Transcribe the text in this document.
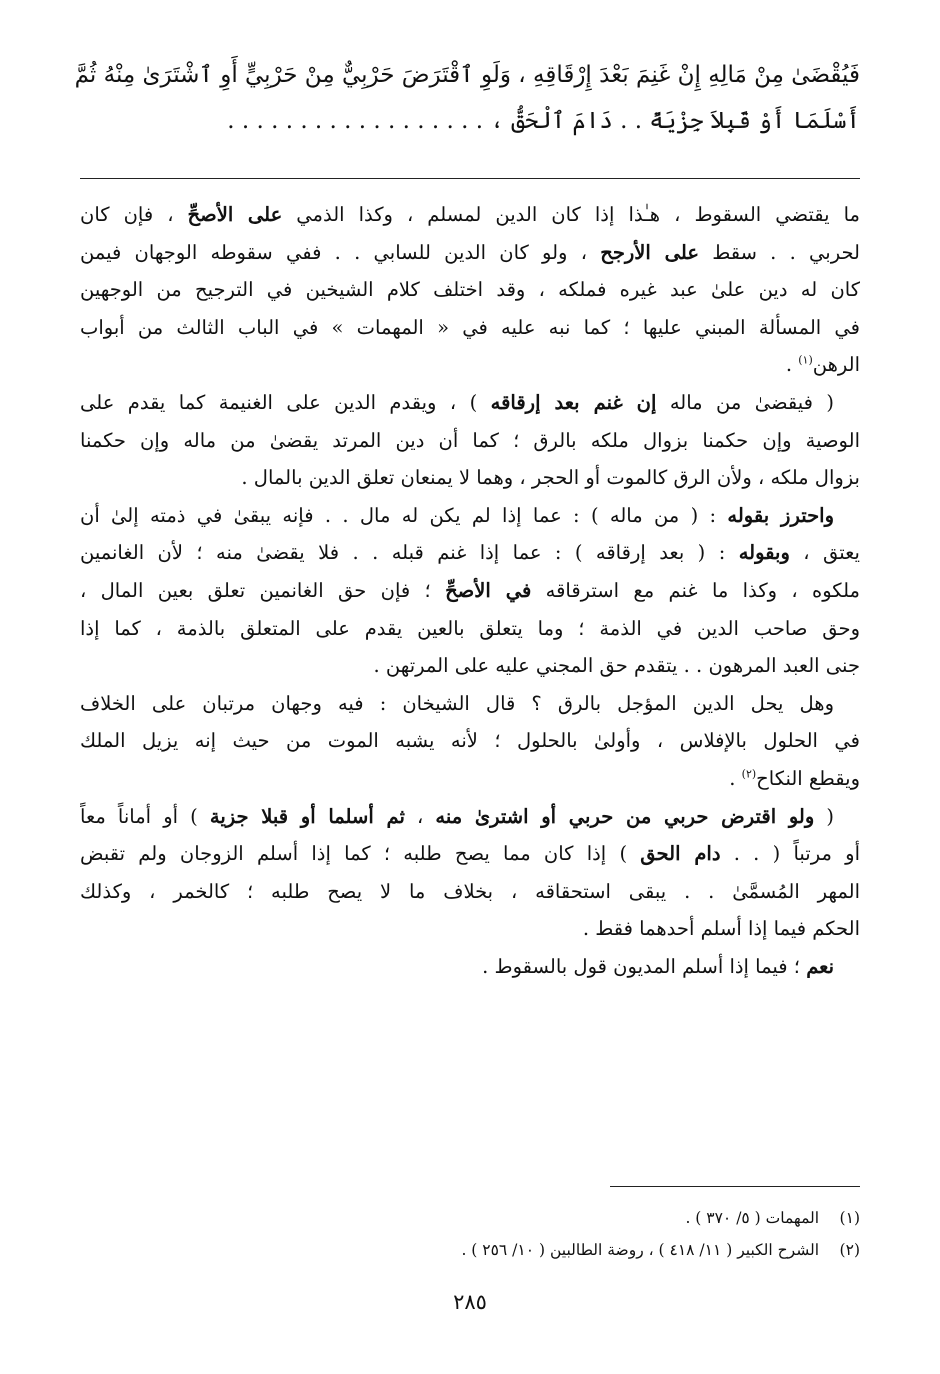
فَيُقْضَىٰ مِنْ مَالِهِ إِنْ غَنِمَ بَعْدَ إِرْقَاقِهِ ، وَلَوِ ٱقْتَرَضَ حَرْبِيٌّ مِنْ حَرْبِيٍّ أَوِ ٱشْتَرَىٰ مِنْهُ ثُمَّ
أَسْلَمَا أَوْ قَبِلاَ جِزْيَةً . . دَامَ ٱلْحَقُّ ، . . . . . . . . . . . . . . . . . .
ما يقتضي السقوط ، هـٰذا إذا كان الدين لمسلم ، وكذا الذمي على الأصحِّ ، فإن كان
لحربي . . سقط على الأرجح ، ولو كان الدين للسابي . . ففي سقوطه الوجهان فيمن
كان له دين علىٰ عبد غيره فملكه ، وقد اختلف كلام الشيخين في الترجيح من الوجهين
في المسألة المبني عليها ؛ كما نبه عليه في « المهمات » في الباب الثالث من أبواب
الرهن$^{(١)}$ .
( فيقضىٰ من ماله إن غنم بعد إرقاقه ) ، ويقدم الدين على الغنيمة كما يقدم على
الوصية وإن حكمنا بزوال ملكه بالرق ؛ كما أن دين المرتد يقضىٰ من ماله وإن حكمنا
بزوال ملكه ، ولأن الرق كالموت أو الحجر ، وهما لا يمنعان تعلق الدين بالمال .
واحترز بقوله : ( من ماله ) : عما إذا لم يكن له مال . . فإنه يبقىٰ في ذمته إلىٰ أن
يعتق ، وبقوله : ( بعد إرقاقه ) : عما إذا غنم قبله . . فلا يقضىٰ منه ؛ لأن الغانمين
ملكوه ، وكذا ما غنم مع استرقاقه في الأصحِّ ؛ فإن حق الغانمين تعلق بعين المال ،
وحق صاحب الدين في الذمة ؛ وما يتعلق بالعين يقدم على المتعلق بالذمة ، كما إذا
جنى العبد المرهون . . يتقدم حق المجني عليه على المرتهن .
وهل يحل الدين المؤجل بالرق ؟ قال الشيخان : فيه وجهان مرتبان على الخلاف
في الحلول بالإفلاس ، وأولىٰ بالحلول ؛ لأنه يشبه الموت من حيث إنه يزيل الملك
ويقطع النكاح$^{(٢)}$ .
( ولو اقترض حربي من حربي أو اشترىٰ منه ، ثم أسلما أو قبلا جزية ) أو أماناً معاً
أو مرتباً ( . . دام الحق ) إذا كان مما يصح طلبه ؛ كما إذا أسلم الزوجان ولم تقبض
المهر المُسمَّىٰ . . يبقى استحقاقه ، بخلاف ما لا يصح طلبه ؛ كالخمر ، وكذلك
الحكم فيما إذا أسلم أحدهما فقط .
نعم ؛ فيما إذا أسلم المديون قول بالسقوط .
(١) المهمات ( ٥/ ٣٧٠ ) .
(٢) الشرح الكبير ( ١١/ ٤١٨ ) ، روضة الطالبين ( ١٠/ ٢٥٦ ) .
٢٨٥
